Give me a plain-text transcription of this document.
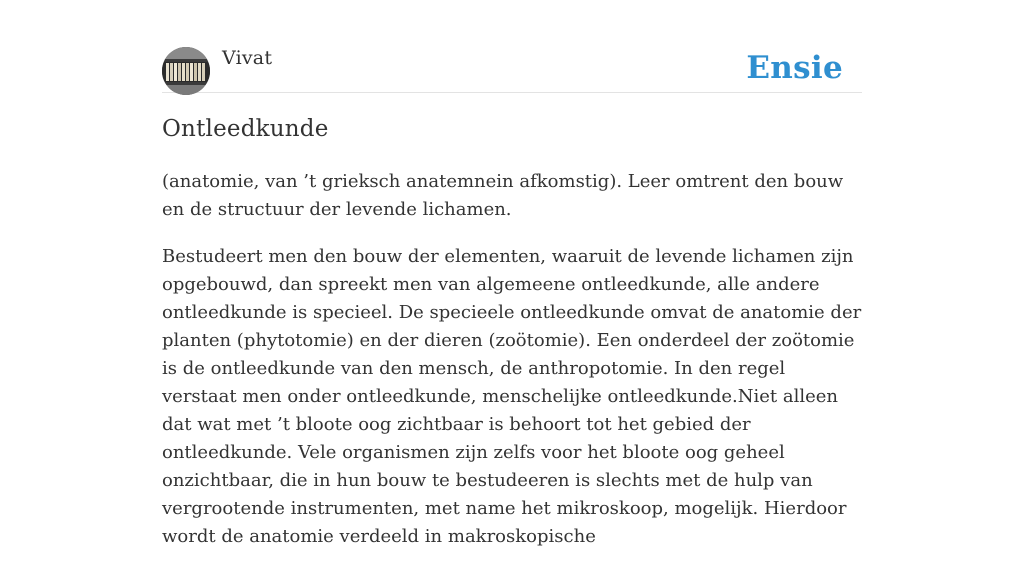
Vivat	Ensie
Ontleedkunde

(anatomie, van ’t grieksch anatemnein afkomstig). Leer omtrent den bouw en de structuur der levende lichamen.

Bestudeert men den bouw der elementen, waaruit de levende lichamen zijn opgebouwd, dan spreekt men van algemeene ontleedkunde, alle andere ontleedkunde is specieel. De specieele ontleedkunde omvat de anatomie der planten (phytotomie) en der dieren (zoötomie). Een onderdeel der zoötomie is de ontleedkunde van den mensch, de anthropotomie. In den regel verstaat men onder ontleedkunde, menschelijke ontleedkunde.Niet alleen dat wat met ’t bloote oog zichtbaar is behoort tot het gebied der ontleedkunde. Vele organismen zijn zelfs voor het bloote oog geheel onzichtbaar, die in hun bouw te bestudeeren is slechts met de hulp van vergrootende instrumenten, met name het mikroskoop, mogelijk. Hierdoor wordt de anatomie verdeeld in makroskopische
